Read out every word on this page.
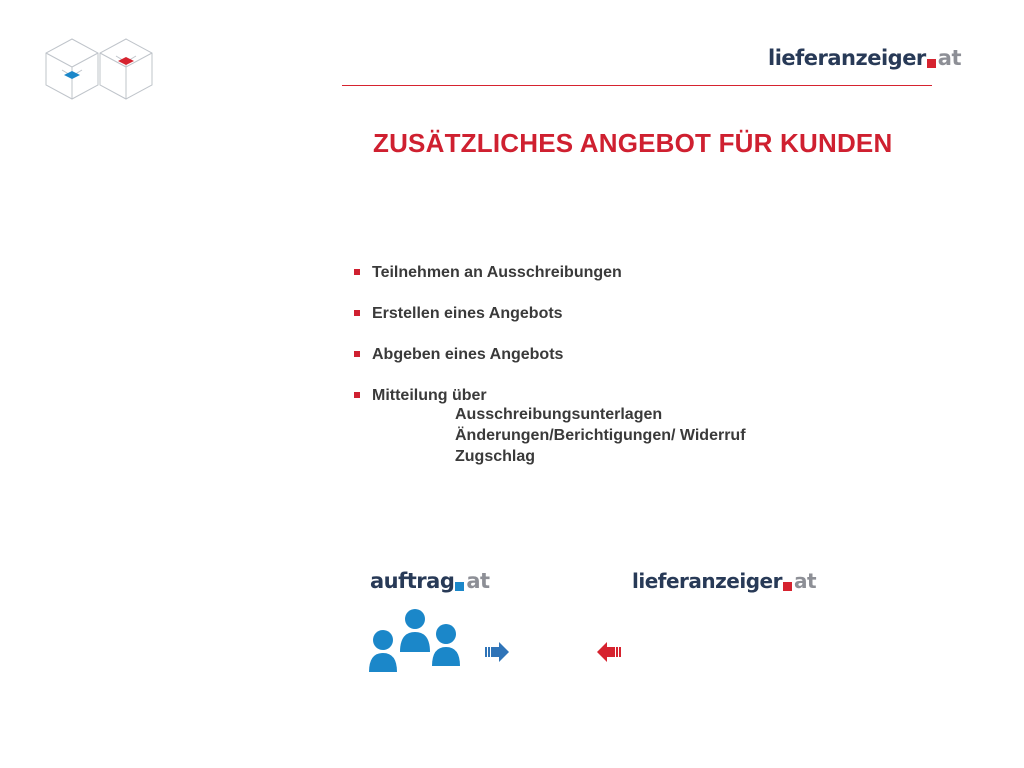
lieferanzeiger at
ZUSÄTZLICHES ANGEBOT FÜR KUNDEN
Teilnehmen an Ausschreibungen
Erstellen eines Angebots
Abgeben eines Angebots
Mitteilung über
Ausschreibungsunterlagen
Änderungen/Berichtigungen/ Widerruf
Zugschlag
auftrag at	lieferanzeiger at
